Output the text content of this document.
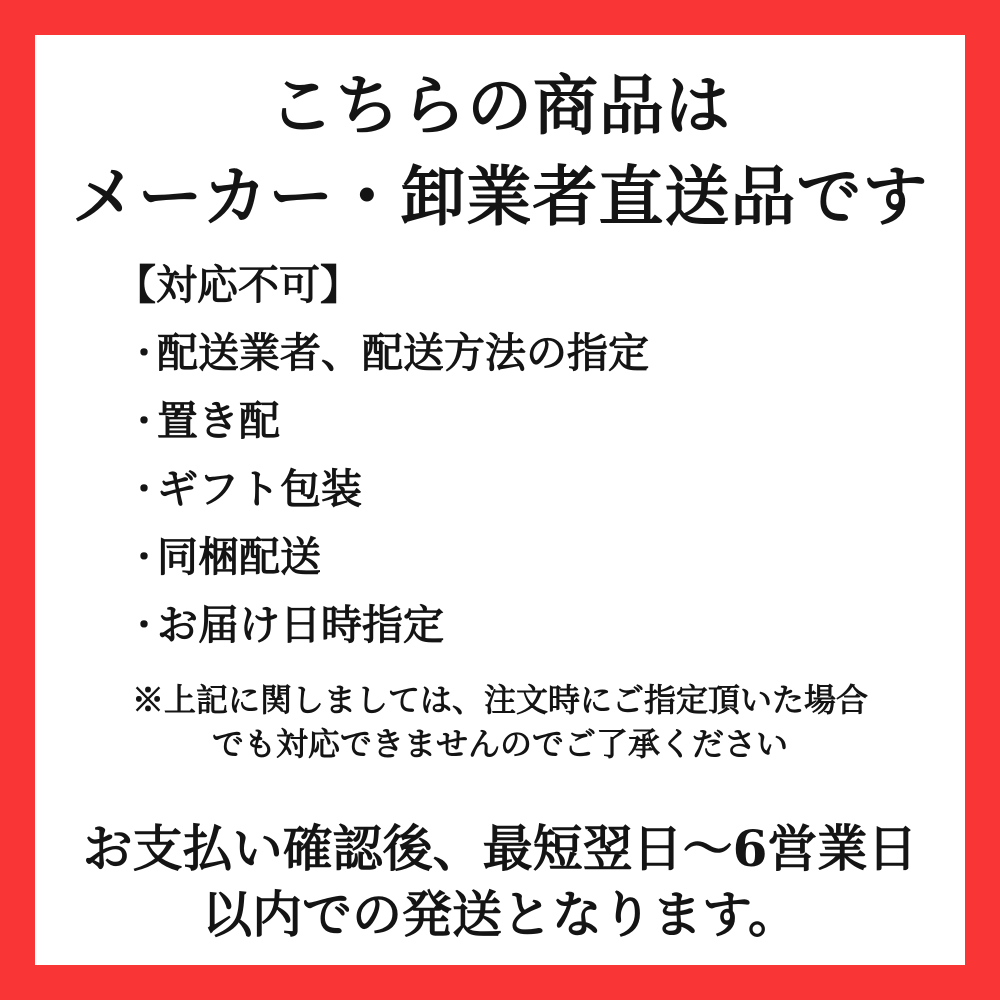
こちらの商品は
メーカー・卸業者直送品です
【対応不可】
・配送業者、配送方法の指定
・置き配
・ギフト包装
・同梱配送
・お届け日時指定
※上記に関しましては、注文時にご指定頂いた場合
でも対応できませんのでご了承ください
お支払い確認後、最短翌日～6営業日
以内での発送となります。
